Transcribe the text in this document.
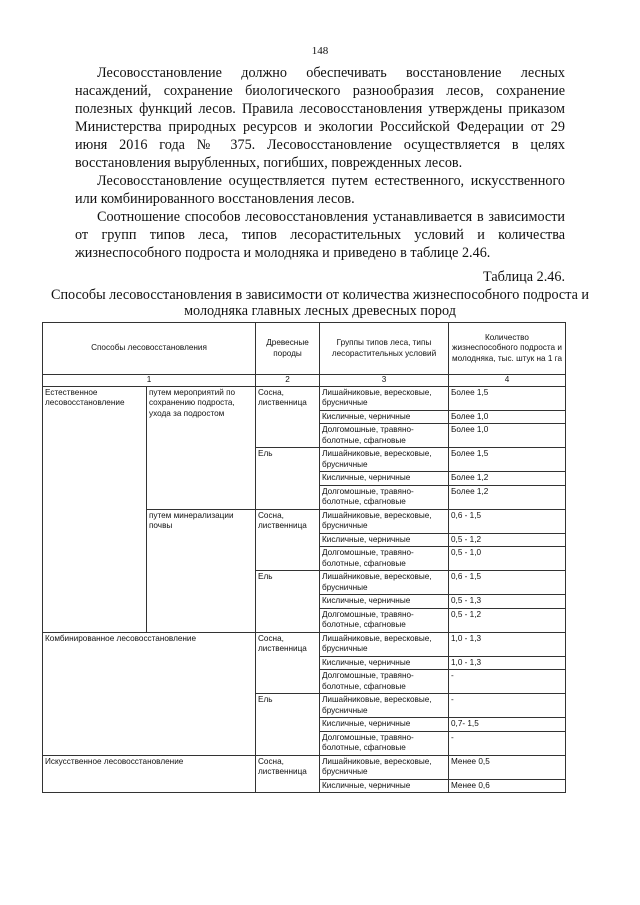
148

Лесовосстановление должно обеспечивать восстановление лесных насаждений, сохранение биологического разнообразия лесов, сохранение полезных функций лесов. Правила лесовосстановления утверждены приказом Министерства природных ресурсов и экологии Российской Федерации от 29 июня 2016 года № 375. Лесовосстановление осуществляется в целях восстановления вырубленных, погибших, поврежденных лесов.

Лесовосстановление осуществляется путем естественного, искусственного или комбинированного восстановления лесов.

Соотношение способов лесовосстановления устанавливается в зависимости от групп типов леса, типов лесорастительных условий и количества жизнеспособного подроста и молодняка и приведено в таблице 2.46.

Таблица 2.46.
Способы лесовосстановления в зависимости от количества жизнеспособного подроста и молодняка главных лесных древесных пород
Способы лесовосстановления		Древесные породы	Группы типов леса, типы лесорастительных условий	Количество жизнеспособного подроста и молодняка, тыс. штук на 1 га
1		2	3	4
Естественное лесовосстановление	путем мероприятий по сохранению подроста, ухода за подростом	Сосна, лиственница	Лишайниковые, вересковые, брусничные	Более 1,5
			Кисличные, черничные	Более 1,0
			Долгомошные, травяно-болотные, сфагновые	Более 1,0
		Ель	Лишайниковые, вересковые, брусничные	Более 1,5
			Кисличные, черничные	Более 1,2
			Долгомошные, травяно-болотные, сфагновые	Более 1,2
	путем минерализации почвы	Сосна, лиственница	Лишайниковые, вересковые, брусничные	0,6 - 1,5
			Кисличные, черничные	0,5 - 1,2
			Долгомошные, травяно-болотные, сфагновые	0,5 - 1,0
		Ель	Лишайниковые, вересковые, брусничные	0,6 - 1,5
			Кисличные, черничные	0,5 - 1,3
			Долгомошные, травяно-болотные, сфагновые	0,5 - 1,2
Комбинированное лесовосстановление		Сосна, лиственница	Лишайниковые, вересковые, брусничные	1,0 - 1,3
			Кисличные, черничные	1,0 - 1,3
			Долгомошные, травяно-болотные, сфагновые	-
		Ель	Лишайниковые, вересковые, брусничные	-
			Кисличные, черничные	0,7- 1,5
			Долгомошные, травяно-болотные, сфагновые	-
Искусственное лесовосстановление		Сосна, лиственница	Лишайниковые, вересковые, брусничные	Менее 0,5
			Кисличные, черничные	Менее 0,6
